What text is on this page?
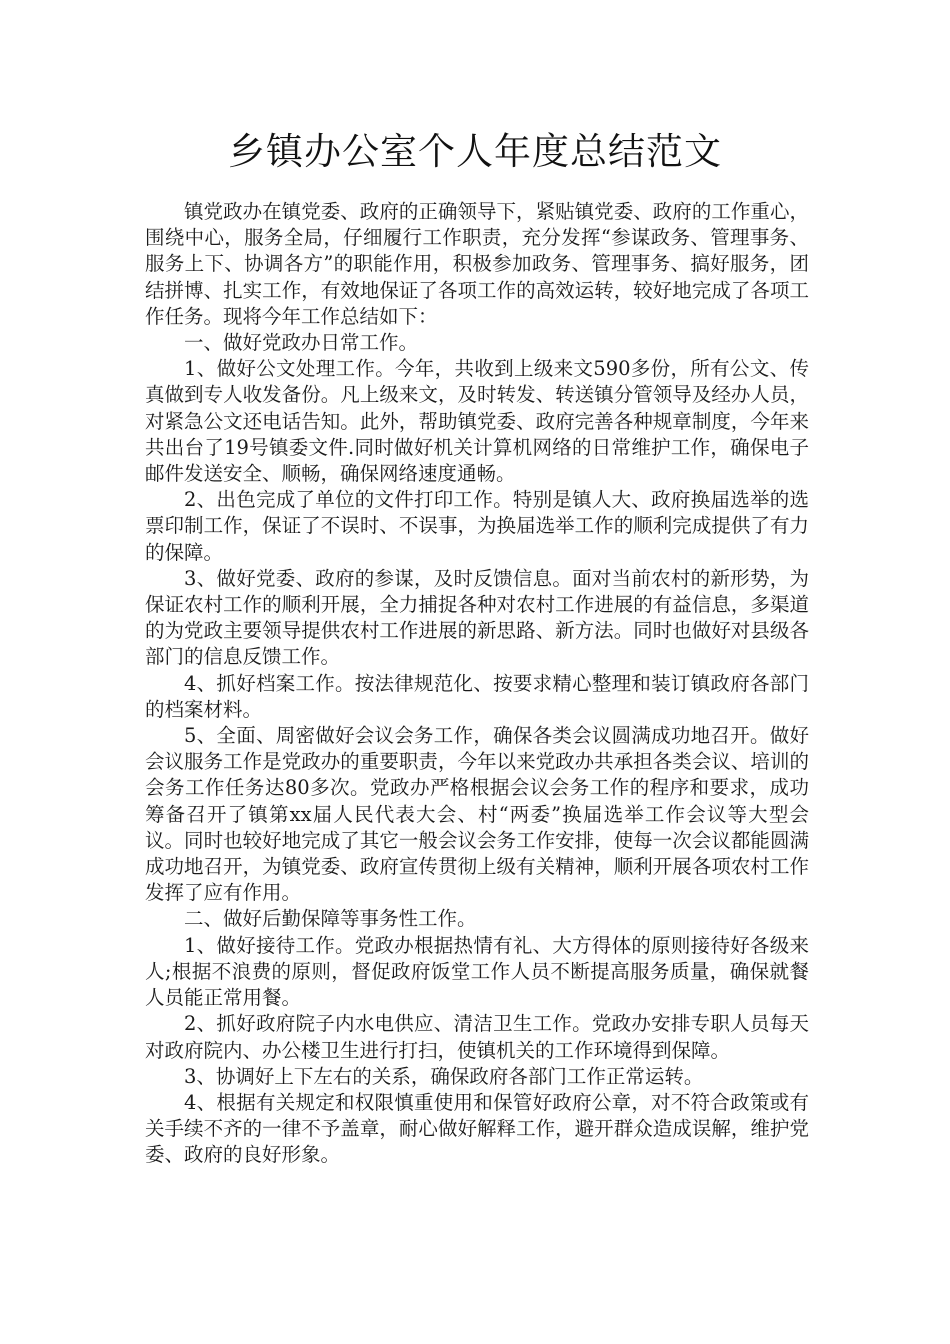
乡镇办公室个人年度总结范文

镇党政办在镇党委、政府的正确领导下，紧贴镇党委、政府的工作重心，围绕中心，服务全局，仔细履行工作职责，充分发挥“参谋政务、管理事务、服务上下、协调各方”的职能作用，积极参加政务、管理事务、搞好服务，团结拼博、扎实工作，有效地保证了各项工作的高效运转，较好地完成了各项工作任务。现将今年工作总结如下：

一、做好党政办日常工作。

1、做好公文处理工作。今年，共收到上级来文590多份，所有公文、传真做到专人收发备份。凡上级来文，及时转发、转送镇分管领导及经办人员，对紧急公文还电话告知。此外，帮助镇党委、政府完善各种规章制度，今年来共出台了19号镇委文件.同时做好机关计算机网络的日常维护工作，确保电子邮件发送安全、顺畅，确保网络速度通畅。

2、出色完成了单位的文件打印工作。特别是镇人大、政府换届选举的选票印制工作，保证了不误时、不误事，为换届选举工作的顺利完成提供了有力的保障。

3、做好党委、政府的参谋，及时反馈信息。面对当前农村的新形势，为保证农村工作的顺利开展，全力捕捉各种对农村工作进展的有益信息，多渠道的为党政主要领导提供农村工作进展的新思路、新方法。同时也做好对县级各部门的信息反馈工作。

4、抓好档案工作。按法律规范化、按要求精心整理和装订镇政府各部门的档案材料。

5、全面、周密做好会议会务工作，确保各类会议圆满成功地召开。做好会议服务工作是党政办的重要职责，今年以来党政办共承担各类会议、培训的会务工作任务达80多次。党政办严格根据会议会务工作的程序和要求，成功筹备召开了镇第xx届人民代表大会、村“两委”换届选举工作会议等大型会议。同时也较好地完成了其它一般会议会务工作安排，使每一次会议都能圆满成功地召开，为镇党委、政府宣传贯彻上级有关精神，顺利开展各项农村工作发挥了应有作用。

二、做好后勤保障等事务性工作。

1、做好接待工作。党政办根据热情有礼、大方得体的原则接待好各级来人;根据不浪费的原则，督促政府饭堂工作人员不断提高服务质量，确保就餐人员能正常用餐。

2、抓好政府院子内水电供应、清洁卫生工作。党政办安排专职人员每天对政府院内、办公楼卫生进行打扫，使镇机关的工作环境得到保障。

3、协调好上下左右的关系，确保政府各部门工作正常运转。

4、根据有关规定和权限慎重使用和保管好政府公章，对不符合政策或有关手续不齐的一律不予盖章，耐心做好解释工作，避开群众造成误解，维护党委、政府的良好形象。
